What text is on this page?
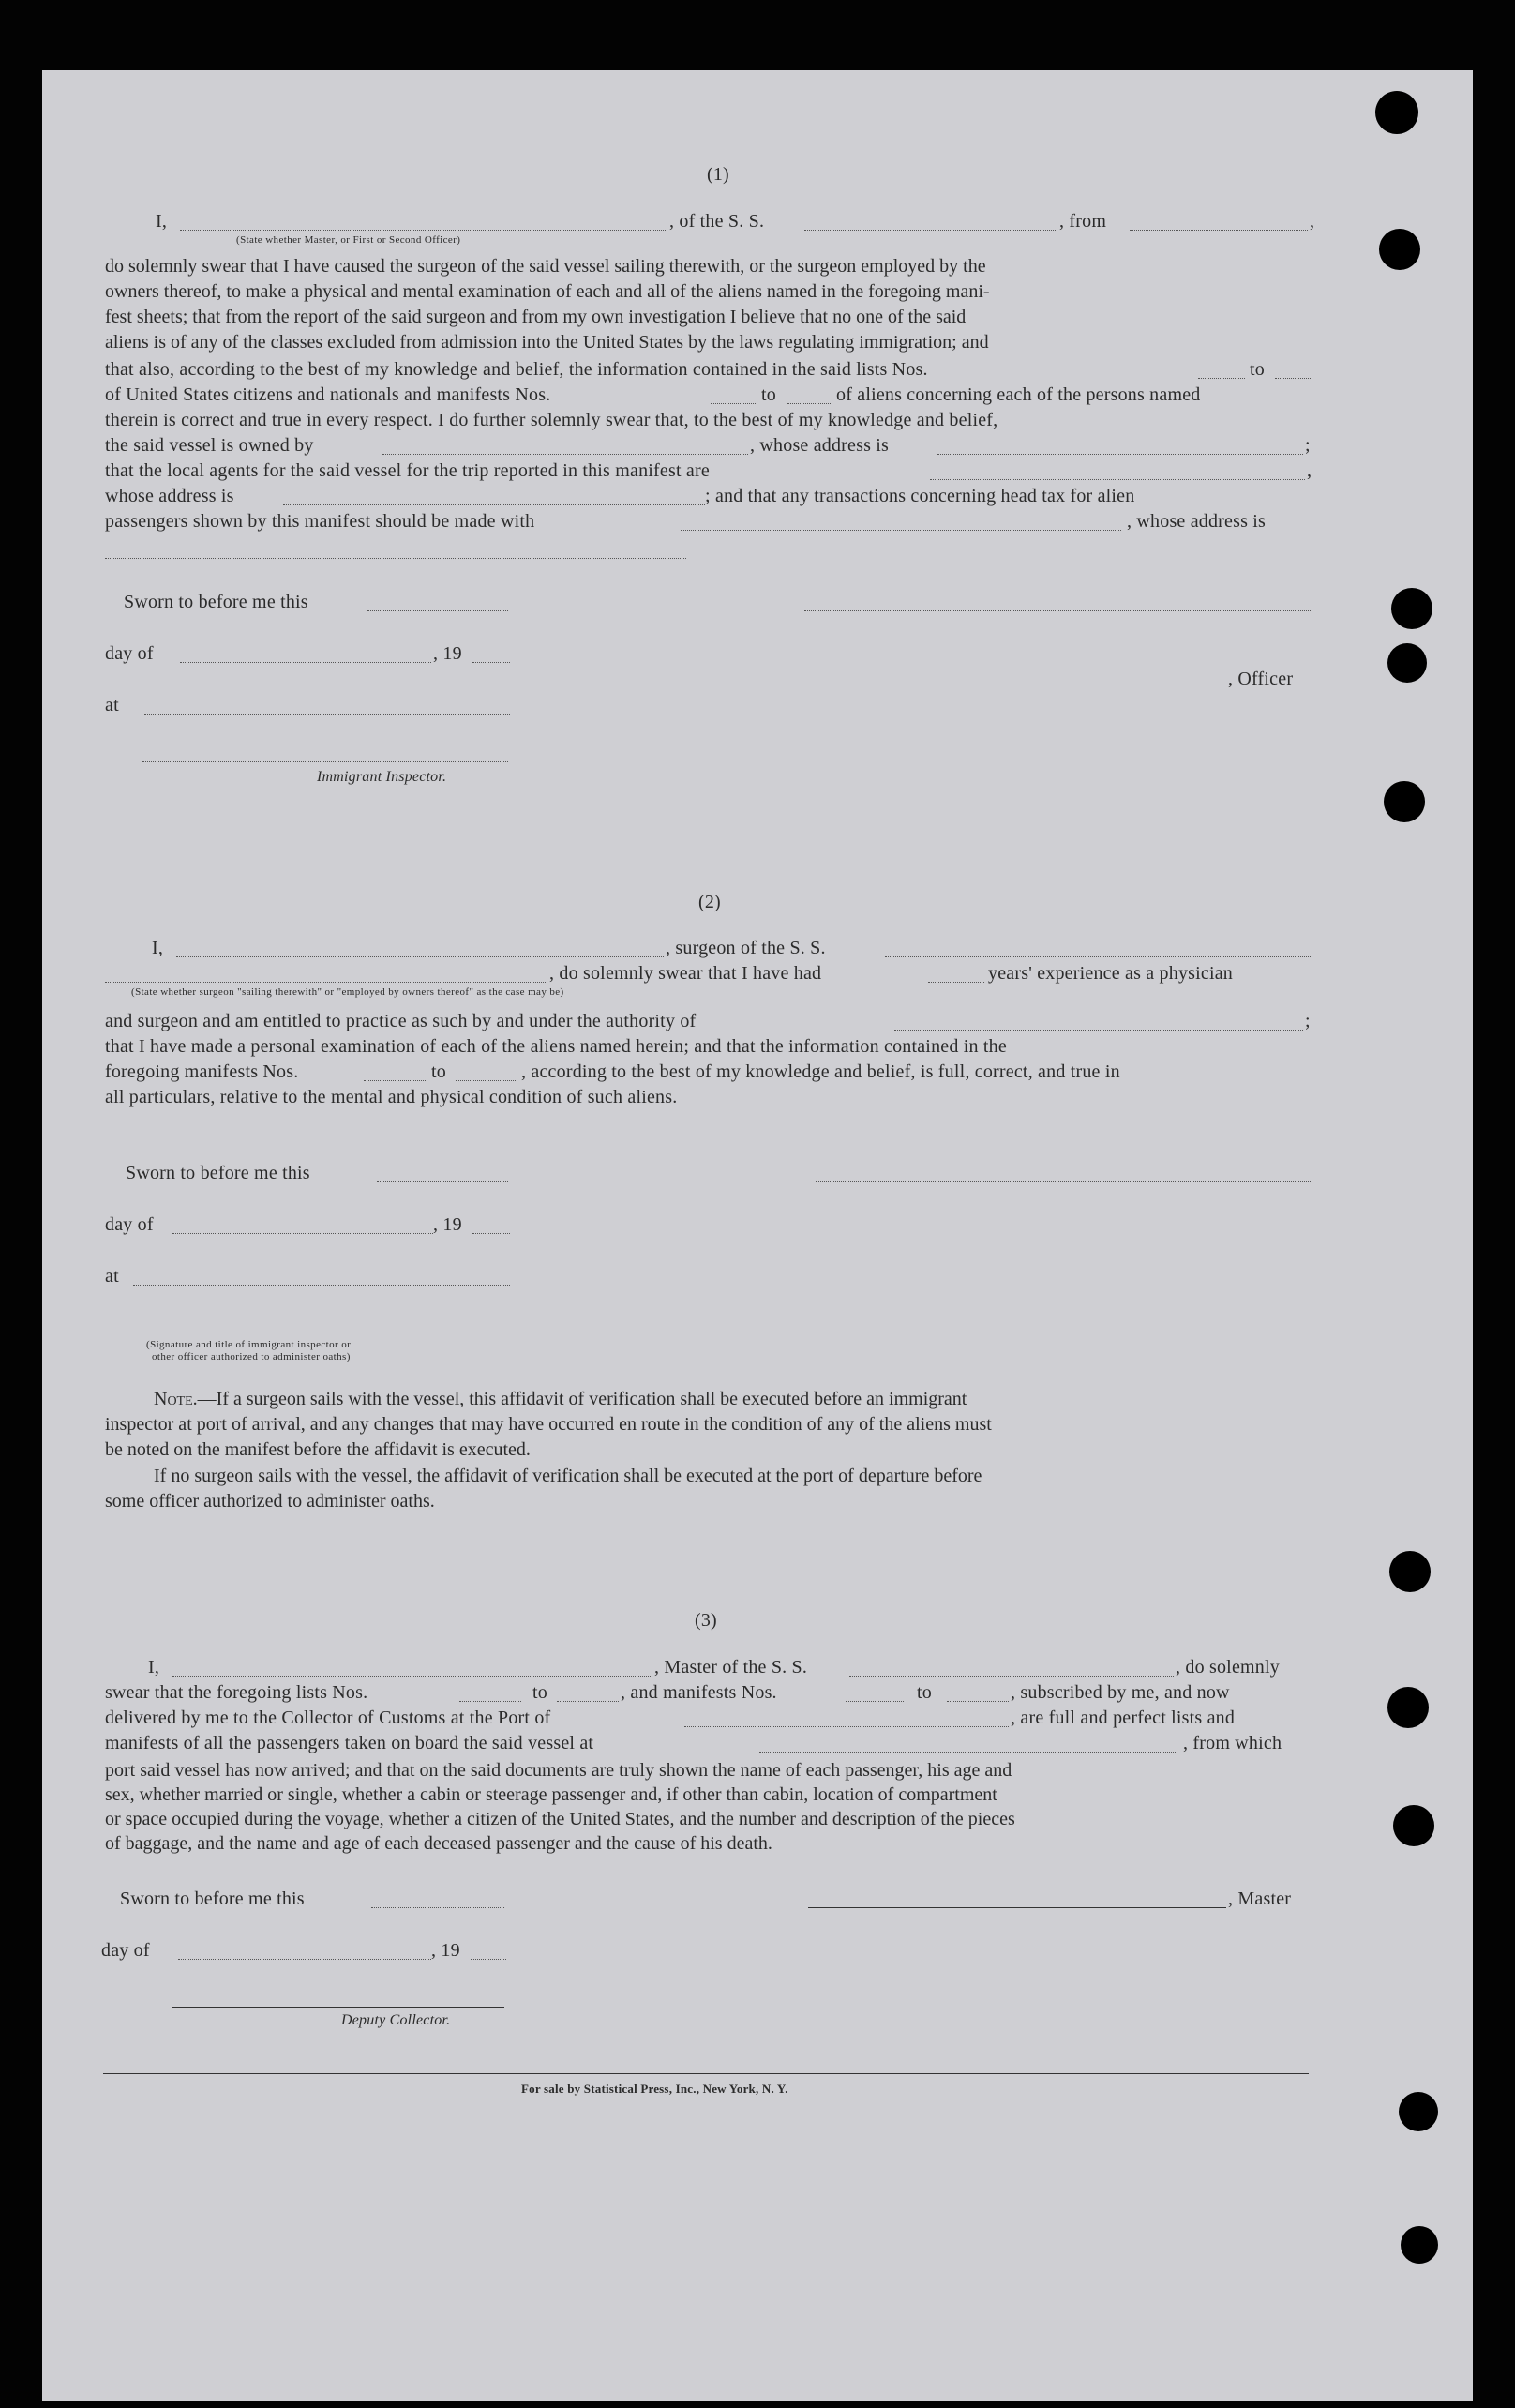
(1)
I,	, of the S. S.	, from	,
(State whether Master, or First or Second Officer)
do solemnly swear that I have caused the surgeon of the said vessel sailing therewith, or the surgeon employed by the
owners thereof, to make a physical and mental examination of each and all of the aliens named in the foregoing mani-
fest sheets; that from the report of the said surgeon and from my own investigation I believe that no one of the said
aliens is of any of the classes excluded from admission into the United States by the laws regulating immigration; and
that also, according to the best of my knowledge and belief, the information contained in the said lists Nos.	to
of United States citizens and nationals and manifests Nos.	to	of aliens concerning each of the persons named
therein is correct and true in every respect. I do further solemnly swear that, to the best of my knowledge and belief,
the said vessel is owned by	, whose address is	;
that the local agents for the said vessel for the trip reported in this manifest are	,
whose address is	; and that any transactions concerning head tax for alien
passengers shown by this manifest should be made with	, whose address is
Sworn to before me this
day of	, 19
, Officer
at
Immigrant Inspector.
(2)
I,	, surgeon of the S. S.
, do solemnly swear that I have had	years' experience as a physician
(State whether surgeon "sailing therewith" or "employed by owners thereof" as the case may be)
and surgeon and am entitled to practice as such by and under the authority of	;
that I have made a personal examination of each of the aliens named herein; and that the information contained in the
foregoing manifests Nos.	to	, according to the best of my knowledge and belief, is full, correct, and true in
all particulars, relative to the mental and physical condition of such aliens.
Sworn to before me this
day of	, 19
at
(Signature and title of immigrant inspector or
other officer authorized to administer oaths)
Note.—If a surgeon sails with the vessel, this affidavit of verification shall be executed before an immigrant
inspector at port of arrival, and any changes that may have occurred en route in the condition of any of the aliens must
be noted on the manifest before the affidavit is executed.
If no surgeon sails with the vessel, the affidavit of verification shall be executed at the port of departure before
some officer authorized to administer oaths.
(3)
I,	, Master of the S. S.	, do solemnly
swear that the foregoing lists Nos.	to	, and manifests Nos.	to	, subscribed by me, and now
delivered by me to the Collector of Customs at the Port of	, are full and perfect lists and
manifests of all the passengers taken on board the said vessel at	, from which
port said vessel has now arrived; and that on the said documents are truly shown the name of each passenger, his age and
sex, whether married or single, whether a cabin or steerage passenger and, if other than cabin, location of compartment
or space occupied during the voyage, whether a citizen of the United States, and the number and description of the pieces
of baggage, and the name and age of each deceased passenger and the cause of his death.
Sworn to before me this	, Master
day of	, 19
Deputy Collector.
For sale by Statistical Press, Inc., New York, N. Y.
